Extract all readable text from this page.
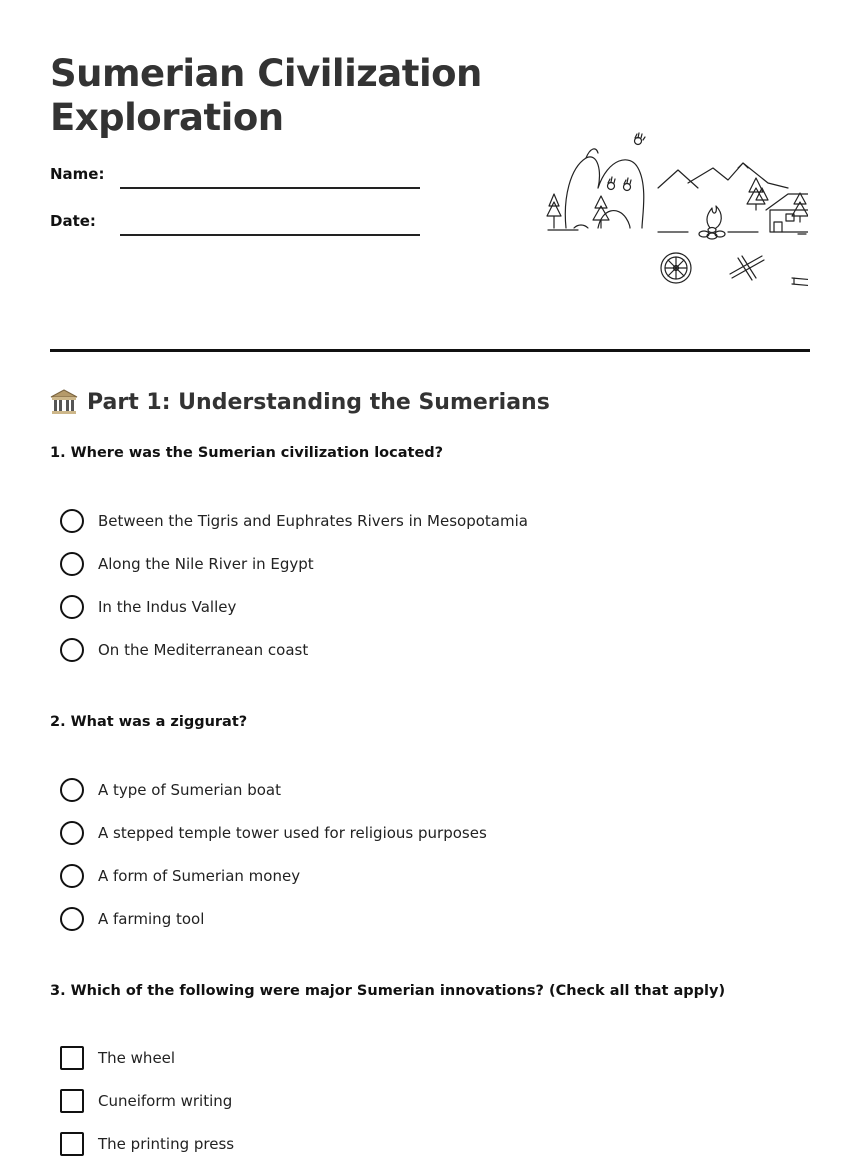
Sumerian Civilization
Exploration
Name:
Date:
Part 1: Understanding the Sumerians
1. Where was the Sumerian civilization located?
Between the Tigris and Euphrates Rivers in Mesopotamia
Along the Nile River in Egypt
In the Indus Valley
On the Mediterranean coast
2. What was a ziggurat?
A type of Sumerian boat
A stepped temple tower used for religious purposes
A form of Sumerian money
A farming tool
3. Which of the following were major Sumerian innovations? (Check all that apply)
The wheel
Cuneiform writing
The printing press
